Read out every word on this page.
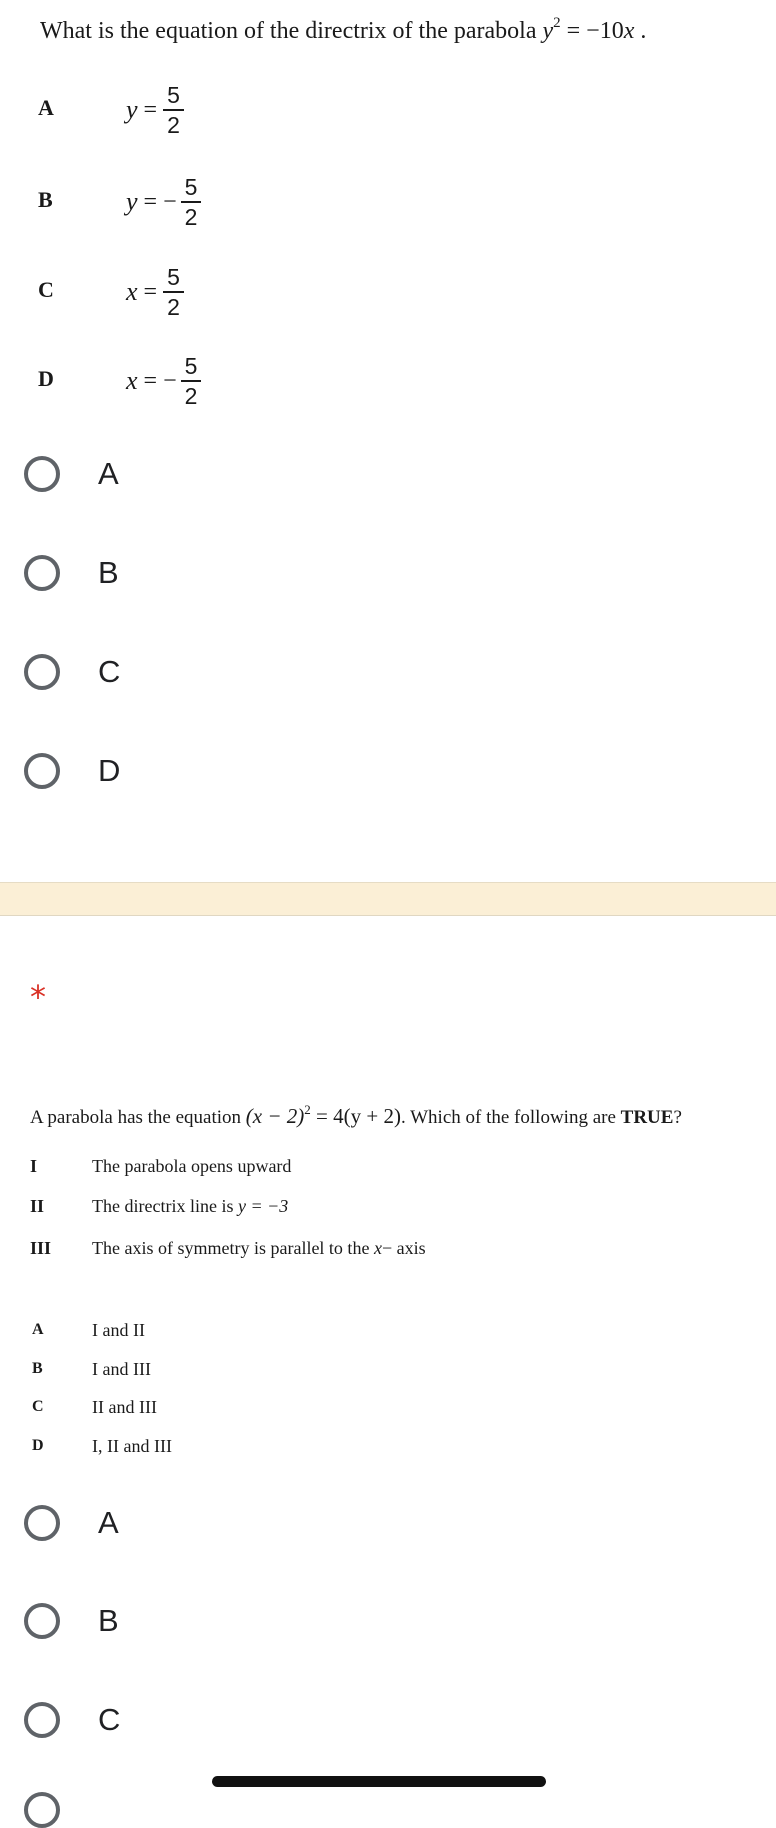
What is the equation of the directrix of the parabola $y^2 = -10x$ .
A	$y = \frac{5}{2}$
B	y = − $\frac{5}{2}$
C	$x = \frac{5}{2}$
D	x = − $\frac{5}{2}$
A
B
C
D
*
A parabola has the equation $(x - 2)^2 = 4(y + 2)$. Which of the following are TRUE?
I	The parabola opens upward
II	The directrix line is y = −3
III The axis of symmetry is parallel to the x− axis
A	I and II
B	I and III
C	II and III
D	I, II and III
A
B
C
